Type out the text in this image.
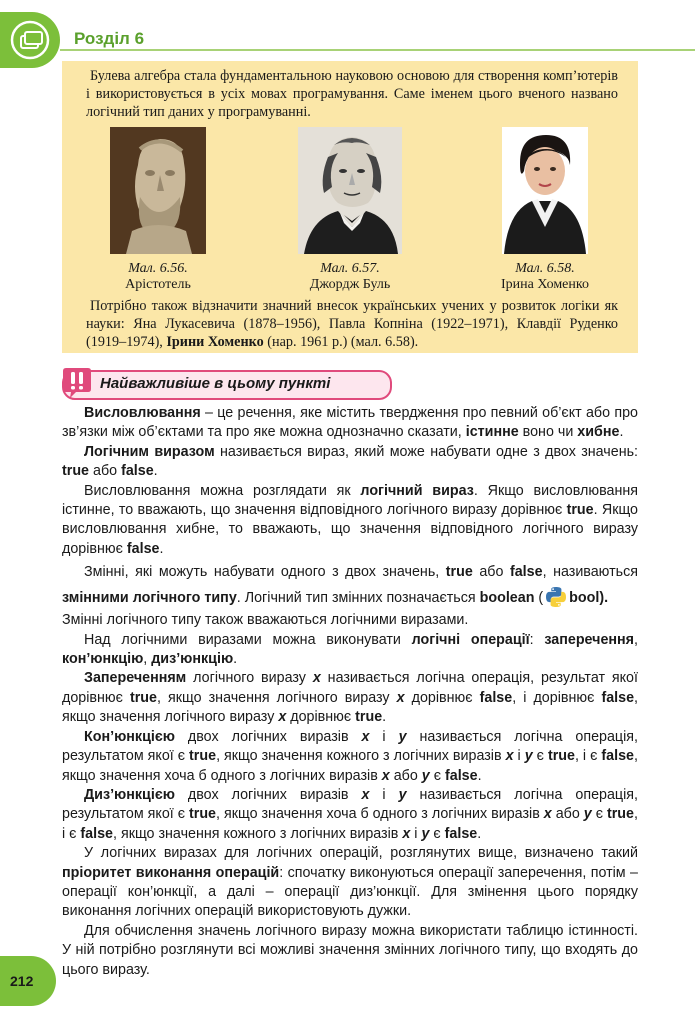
Розділ 6
Булева алгебра стала фундаментальною науковою основою для створення комп’ютерів і використовується в усіх мовах програмування. Саме іменем цього вченого названо логічний тип даних у програмуванні.
Мал. 6.56.
Арістотель
Мал. 6.57.
Джордж Буль
Мал. 6.58.
Ірина Хоменко
Потрібно також відзначити значний внесок українських учених у розвиток логіки як науки: Яна Лукасевича (1878–1956), Павла Копніна (1922–1971), Клавдії Руденко (1919–1974), Ірини Хоменко (нар. 1961 р.) (мал. 6.58).
Найважливіше в цьому пункті

Висловлювання – це речення, яке містить твердження про певний об’єкт або про зв’язки між об’єктами та про яке можна однозначно сказати, істинне воно чи хибне.

Логічним виразом називається вираз, який може набувати одне з двох значень: true або false.

Висловлювання можна розглядати як логічний вираз. Якщо висловлювання істинне, то вважають, що значення відповідного логічного виразу дорівнює true. Якщо висловлювання хибне, то вважають, що значення відповідного логічного виразу дорівнює false.

Змінні, які можуть набувати одного з двох значень, true або false, називаються змінними логічного типу. Логічний тип змінних позначається boolean ( bool).

Змінні логічного типу також вважаються логічними виразами.

Над логічними виразами можна виконувати логічні операції: заперечення, кон’юнкцію, диз’юнкцію.

Запереченням логічного виразу x називається логічна операція, результат якої дорівнює true, якщо значення логічного виразу x дорівнює false, і дорівнює false, якщо значення логічного виразу x дорівнює true.

Кон’юнкцією двох логічних виразів x і y називається логічна операція, результатом якої є true, якщо значення кожного з логічних виразів x і y є true, і є false, якщо значення хоча б одного з логічних виразів x або y є false.

Диз’юнкцією двох логічних виразів x і y називається логічна операція, результатом якої є true, якщо значення хоча б одного з логічних виразів x або y є true, і є false, якщо значення кожного з логічних виразів x і y є false.

У логічних виразах для логічних операцій, розглянутих вище, визначено такий пріоритет виконання операцій: спочатку виконуються операції заперечення, потім – операції кон’юнкції, а далі – операції диз’юнкції. Для змінення цього порядку виконання логічних операцій використовують дужки.

Для обчислення значень логічного виразу можна використати таблицю істинності. У ній потрібно розглянути всі можливі значення змінних логічного типу, що входять до цього виразу.

212
